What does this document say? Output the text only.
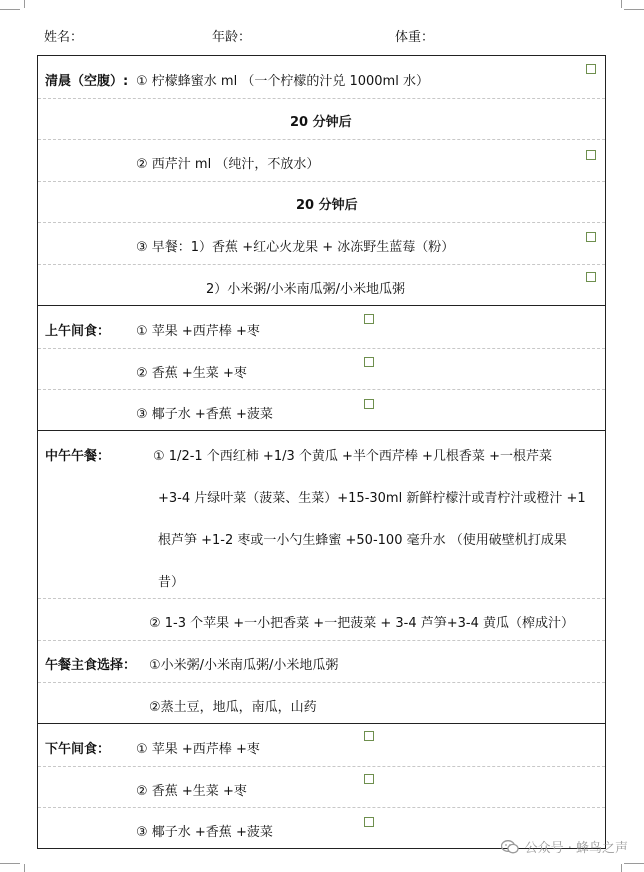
姓名：	年龄：	体重：
清晨（空腹）: ① 柠檬蜂蜜水 ml （一个柠檬的汁兑 1000ml 水）
20 分钟后
② 西芹汁 ml （纯汁，不放水）
20 分钟后
③ 早餐：1）香蕉 +红心火龙果 + 冰冻野生蓝莓（粉）
2）小米粥/小米南瓜粥/小米地瓜粥
上午间食： ① 苹果 +西芹棒 +枣
② 香蕉 +生菜 +枣
③ 椰子水 +香蕉 +菠菜
中午午餐：	① 1/2-1 个西红柿 +1/3 个黄瓜 +半个西芹棒 +几根香菜 +一根芹菜
+3-4 片绿叶菜（菠菜、生菜）+15-30ml 新鲜柠檬汁或青柠汁或橙汁 +1
根芦笋 +1-2 枣或一小勺生蜂蜜 +50-100 毫升水 （使用破壁机打成果
昔）
② 1-3 个苹果 +一小把香菜 +一把菠菜 + 3-4 芦笋+3-4 黄瓜（榨成汁）
午餐主食选择： ①小米粥/小米南瓜粥/小米地瓜粥
②蒸土豆，地瓜，南瓜，山药
下午间食： ① 苹果 +西芹棒 +枣
② 香蕉 +生菜 +枣
③ 椰子水 +香蕉 +菠菜
公众号 · 蜂鸟之声
